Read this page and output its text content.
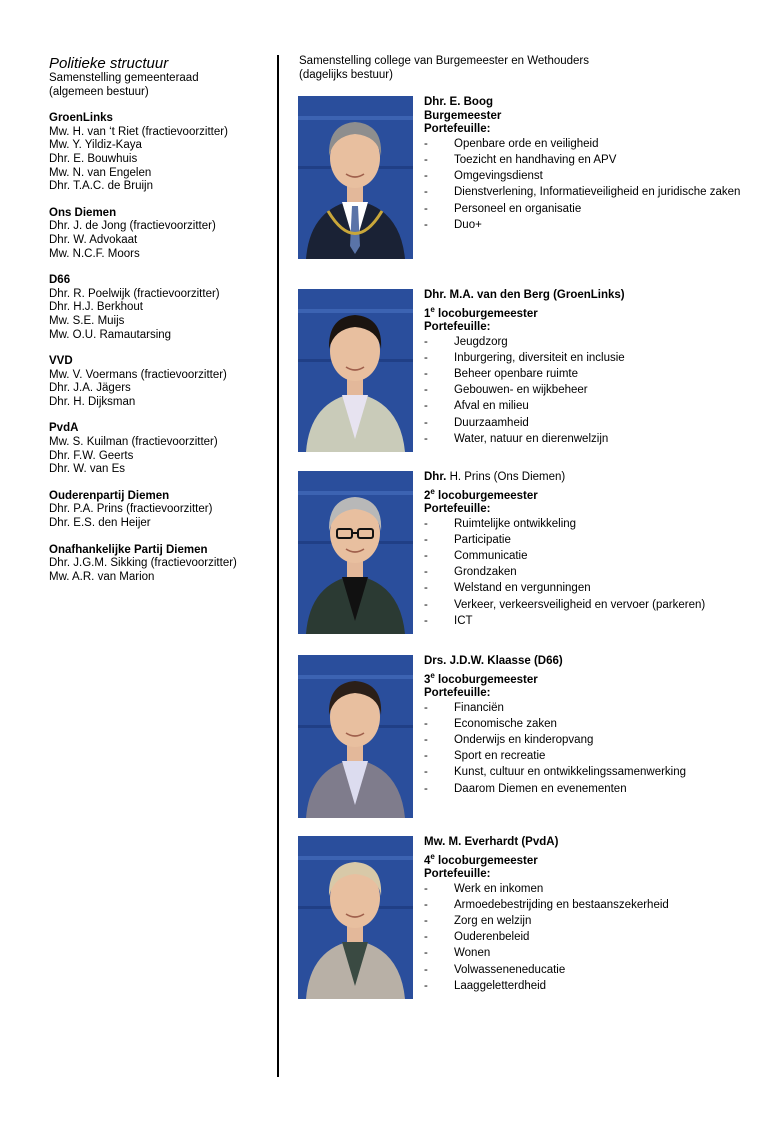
Politieke structuur
Samenstelling gemeenteraad
(algemeen bestuur)
GroenLinks
Mw. H. van ‘t Riet (fractievoorzitter)
Mw. Y. Yildiz-Kaya
Dhr. E. Bouwhuis
Mw. N. van Engelen
Dhr. T.A.C. de Bruijn
Ons Diemen
Dhr. J. de Jong (fractievoorzitter)
Dhr. W. Advokaat
Mw. N.C.F. Moors
D66
Dhr. R. Poelwijk (fractievoorzitter)
Dhr. H.J. Berkhout
Mw. S.E. Muijs
Mw. O.U. Ramautarsing
VVD
Mw. V. Voermans (fractievoorzitter)
Dhr. J.A. Jägers
Dhr. H. Dijksman
PvdA
Mw. S. Kuilman (fractievoorzitter)
Dhr. F.W. Geerts
Dhr. W. van Es
Ouderenpartij Diemen
Dhr. P.A. Prins (fractievoorzitter)
Dhr. E.S. den Heijer
Onafhankelijke Partij Diemen
Dhr. J.G.M. Sikking (fractievoorzitter)
Mw. A.R. van Marion
Samenstelling college van Burgemeester en Wethouders
(dagelijks bestuur)
Dhr. E. Boog
Burgemeester
Portefeuille:
- Openbare orde en veiligheid
- Toezicht en handhaving en APV
- Omgevingsdienst
- Dienstverlening, Informatieveiligheid en juridische zaken
- Personeel en organisatie
- Duo+
Dhr. M.A. van den Berg (GroenLinks)
1e locoburgemeester
Portefeuille:
- Jeugdzorg
- Inburgering, diversiteit en inclusie
- Beheer openbare ruimte
- Gebouwen- en wijkbeheer
- Afval en milieu
- Duurzaamheid
- Water, natuur en dierenwelzijn
Dhr. H. Prins (Ons Diemen)
2e locoburgemeester
Portefeuille:
- Ruimtelijke ontwikkeling
- Participatie
- Communicatie
- Grondzaken
- Welstand en vergunningen
- Verkeer, verkeersveiligheid en vervoer (parkeren)
- ICT
Drs. J.D.W. Klaasse (D66)
3e locoburgemeester
Portefeuille:
- Financiën
- Economische zaken
- Onderwijs en kinderopvang
- Sport en recreatie
- Kunst, cultuur en ontwikkelingssamenwerking
- Daarom Diemen en evenementen
Mw. M. Everhardt (PvdA)
4e locoburgemeester
Portefeuille:
- Werk en inkomen
- Armoedebestrijding en bestaanszekerheid
- Zorg en welzijn
- Ouderenbeleid
- Wonen
- Volwasseneneducatie
- Laaggeletterdheid
